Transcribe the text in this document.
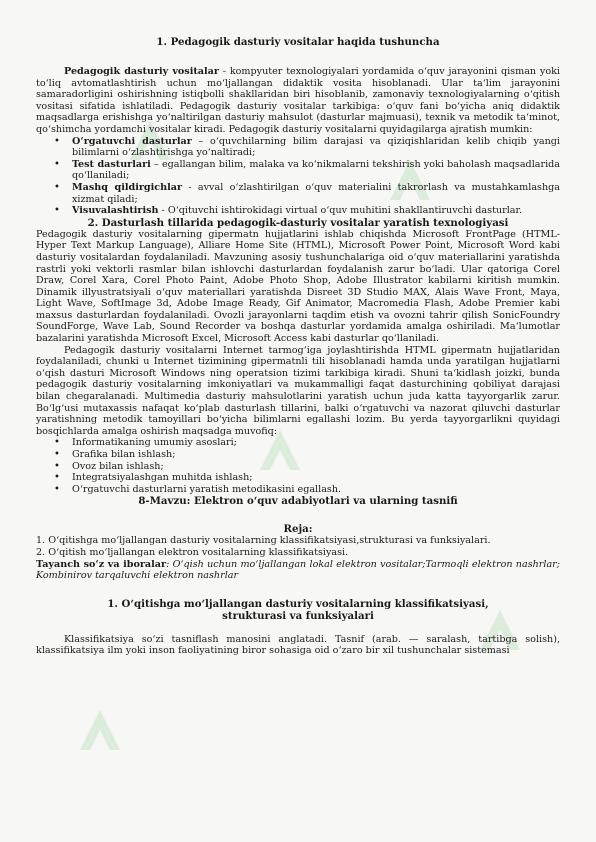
1. Pedagogik dasturiy vositalar haqida tushuncha

Pedagogik dasturiy vositalar - kompyuter texnologiyalari yordamida o‘quv jarayonini qisman yoki to‘liq avtomatlashtirish uchun mo‘ljallangan didaktik vosita hisoblanadi. Ular ta‘lim jarayonini samaradorligini oshirishning istiqbolli shakllaridan biri hisoblanib, zamonaviy texnologiyalarning o‘qitish vositasi sifatida ishlatiladi. Pedagogik dasturiy vositalar tarkibiga: o‘quv fani bo‘yicha aniq didaktik maqsadlarga erishishga yo‘naltirilgan dasturiy mahsulot (dasturlar majmuasi), texnik va metodik ta‘minot, qo‘shimcha yordamchi vositalar kiradi. Pedagogik dasturiy vositalarni quyidagilarga ajratish mumkin:

• O‘rgatuvchi dasturlar – o‘quvchilarning bilim darajasi va qiziqishlaridan kelib chiqib yangi bilimlarni o‘zlashtirishga yo‘naltiradi;
• Test dasturlari – egallangan bilim, malaka va ko‘nikmalarni tekshirish yoki baholash maqsadlarida qo‘llaniladi;
• Mashq qildirgichlar - avval o‘zlashtirilgan o‘quv materialini takrorlash va mustahkamlashga xizmat qiladi;
• Visuvalashtirish - O‘qituvchi ishtirokidagi virtual o‘quv muhitini shakllantiruvchi dasturlar.
2. Dasturlash tillarida pedagogik-dasturiy vositalar yaratish texnologiyasi

Pedagogik dasturiy vositalarning gipermatn hujjatlarini ishlab chiqishda Microsoft FrontPage (HTML-Hyper Text Markup Language), Alliare Home Site (HTML), Microsoft Power Point, Microsoft Word kabi dasturiy vositalardan foydalaniladi. Mavzuning asosiy tushunchalariga oid o‘quv materiallarini yaratishda rastrli yoki vektorli rasmlar bilan ishlovchi dasturlardan foydalanish zarur bo‘ladi. Ular qatoriga Corel Draw, Corel Xara, Corel Photo Paint, Adobe Photo Shop, Adobe Illustrator kabilarni kiritish mumkin. Dinamik illyustratsiyali o‘quv materiallari yaratishda Disreet 3D Studio MAX, Alais Wave Front, Maya, Light Wave, SoftImage 3d, Adobe Image Ready, Gif Animator, Macromedia Flash, Adobe Premier kabi maxsus dasturlardan foydalaniladi. Ovozli jarayonlarni taqdim etish va ovozni tahrir qilish SonicFoundry SoundForge, Wave Lab, Sound Recorder va boshqa dasturlar yordamida amalga oshiriladi. Ma‘lumotlar bazalarini yaratishda Microsoft Excel, Microsoft Access kabi dasturlar qo‘llaniladi.

Pedagogik dasturiy vositalarni Internet tarmog‘iga joylashtirishda HTML gipermatn hujjatlaridan foydalaniladi, chunki u Internet tizimining gipermatnli tili hisoblanadi hamda unda yaratilgan hujjatlarni o‘qish dasturi Microsoft Windows ning operatsion tizimi tarkibiga kiradi. Shuni ta‘kidlash joizki, bunda pedagogik dasturiy vositalarning imkoniyatlari va mukammalligi faqat dasturchining qobiliyat darajasi bilan chegaralanadi. Multimedia dasturiy mahsulotlarini yaratish uchun juda katta tayyorgarlik zarur. Bo‘lg‘usi mutaxassis nafaqat ko‘plab dasturlash tillarini, balki o‘rgatuvchi va nazorat qiluvchi dasturlar yaratishning metodik tamoyillari bo‘yicha bilimlarni egallashi lozim. Bu yerda tayyorgarlikni quyidagi bosqichlarda amalga oshirish maqsadga muvofiq:

• Informatikaning umumiy asoslari;
• Grafika bilan ishlash;
• Ovoz bilan ishlash;
• Integratsiyalashgan muhitda ishlash;
• O‘rgatuvchi dasturlarni yaratish metodikasini egallash.
8-Mavzu: Elektron o‘quv adabiyotlari va ularning tasnifi
Reja:

1. O‘qitishga mo‘ljallangan dasturiy vositalarning klassifikatsiyasi,strukturasi va funksiyalari.

2. O‘qitish mo‘ljallangan elektron vositalarning klassifikatsiyasi.

Tayanch so‘z va iboralar: O‘qish uchun mo‘ljallangan lokal elektron vositalar;Tarmoqli elektron nashrlar; Kombinirov tarqaluvchi elektron nashrlar

1. O‘qitishga mo‘ljallangan dasturiy vositalarning klassifikatsiyasi, strukturasi va funksiyalari

Klassifikatsiya so‘zi tasniflash manosini anglatadi. Tasnif (arab. — saralash, tartibga solish), klassifikatsiya ilm yoki inson faoliyatining biror sohasiga oid o‘zaro bir xil tushunchalar sistemasi
